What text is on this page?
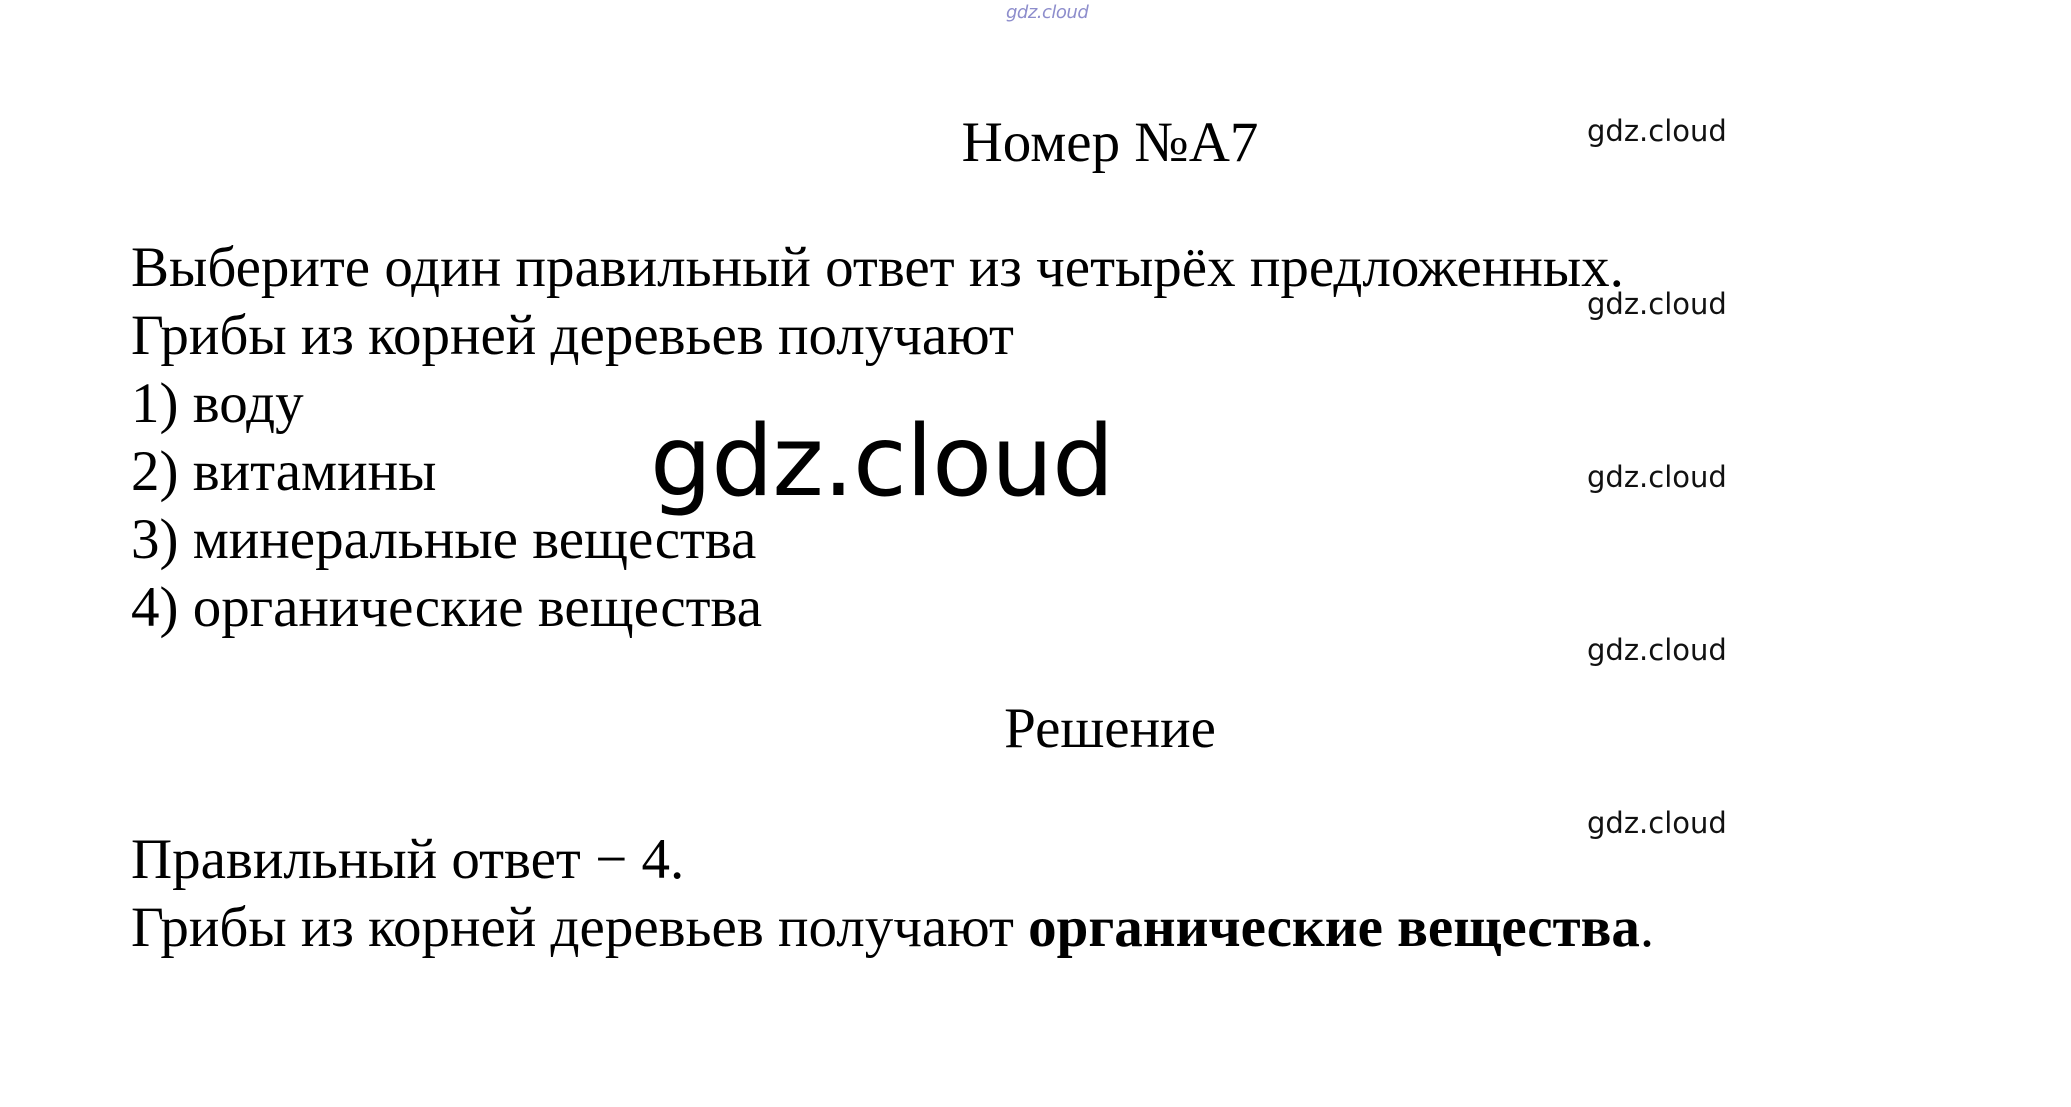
gdz.cloud
gdz.cloud
gdz.cloud
gdz.cloud
gdz.cloud
gdz.cloud
Номер №A7
Выберите один правильный ответ из четырёх предложенных.
Грибы из корней деревьев получают
1) воду
2) витамины
3) минеральные вещества
4) органические вещества
gdz.cloud
Решение
Правильный ответ − 4.
Грибы из корней деревьев получают органические вещества.
